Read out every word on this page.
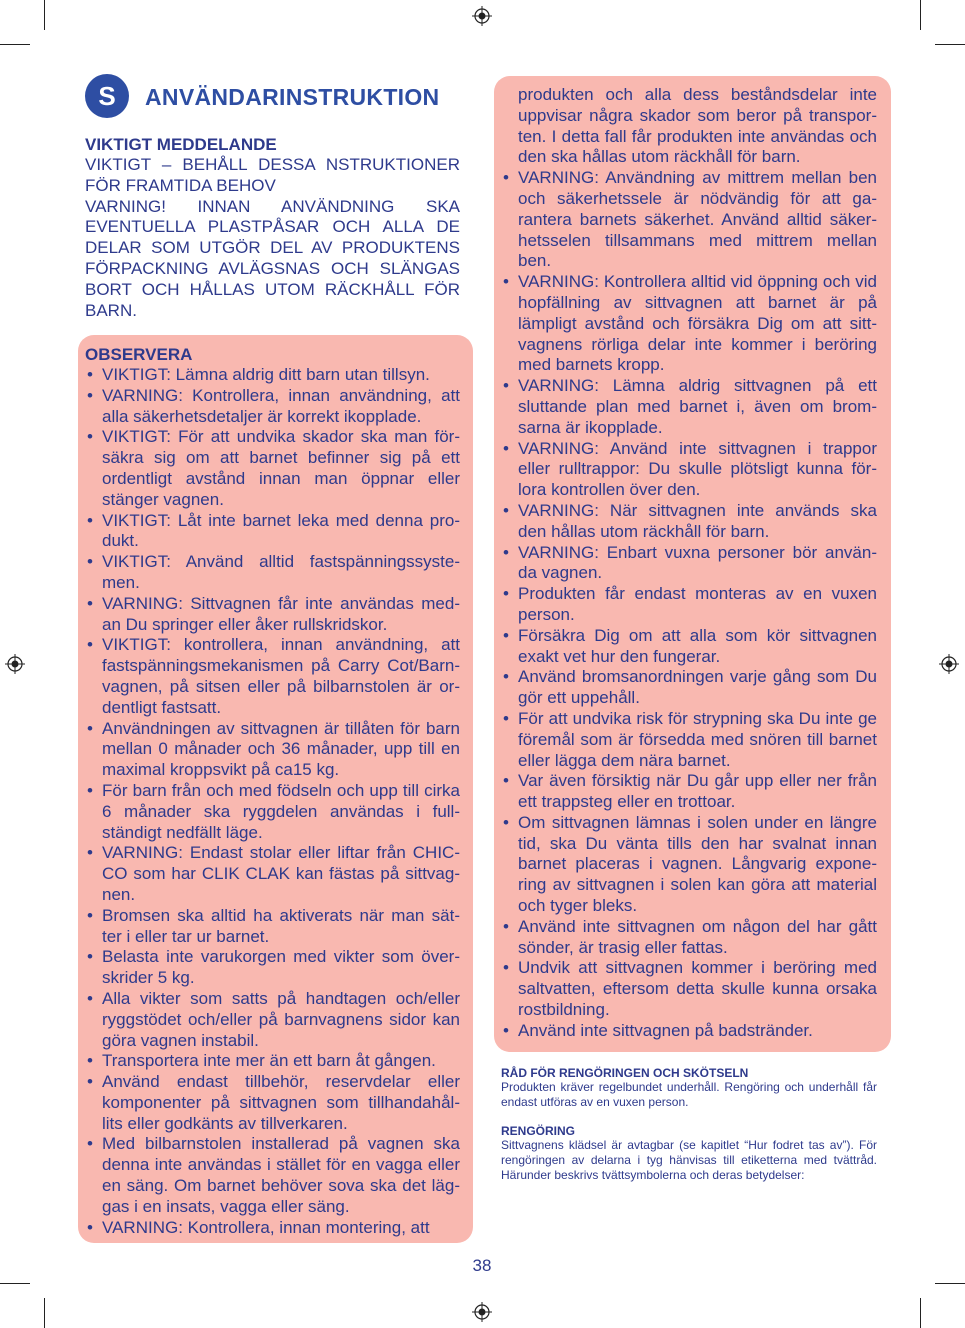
S	ANVÄNDARINSTRUKTION
VIKTIGT MEDDELANDE

VIKTIGT – BEHÅLL DESSA NSTRUKTIONER FÖR FRAMTIDA BEHOV

VARNING! INNAN ANVÄNDNING SKA EVENTUELLA PLASTPÅSAR OCH ALLA DE DELAR SOM UTGÖR DEL AV PRODUKTENS FÖRPACKNING AVLÄGSNAS OCH SLÄNGAS BORT OCH HÅLLAS UTOM RÄCKHÅLL FÖR BARN.

OBSERVERA
• VIKTIGT: Lämna aldrig ditt barn utan tillsyn.
• VARNING: Kontrollera, innan användning, att alla säkerhetsdetaljer är korrekt ikopplade.
• VIKTIGT: För att undvika skador ska man för-säkra sig om att barnet befinner sig på ett ordentligt avstånd innan man öppnar eller stänger vagnen.
• VIKTIGT: Låt inte barnet leka med denna pro-dukt.
• VIKTIGT: Använd alltid fastspänningssyste-men.
• VARNING: Sittvagnen får inte användas med-an Du springer eller åker rullskridskor.
• VIKTIGT: kontrollera, innan användning, att fastspänningsmekanismen på Carry Cot/Barn-vagnen, på sitsen eller på bilbarnstolen är or-dentligt fastsatt.
• Användningen av sittvagnen är tillåten för barn mellan 0 månader och 36 månader, upp till en maximal kroppsvikt på ca15 kg.
• För barn från och med födseln och upp till cirka 6 månader ska ryggdelen användas i full-ständigt nedfällt läge.
• VARNING: Endast stolar eller liftar från CHIC-CO som har CLIK CLAK kan fästas på sittvag-nen.
• Bromsen ska alltid ha aktiverats när man sät-ter i eller tar ur barnet.
• Belasta inte varukorgen med vikter som över-skrider 5 kg.
• Alla vikter som satts på handtagen och/eller ryggstödet och/eller på barnvagnens sidor kan göra vagnen instabil.
• Transportera inte mer än ett barn åt gången.
• Använd endast tillbehör, reservdelar eller komponenter på sittvagnen som tillhandahål-lits eller godkänts av tillverkaren.
• Med bilbarnstolen installerad på vagnen ska denna inte användas i stället för en vagga eller en säng. Om barnet behöver sova ska det läg-gas i en insats, vagga eller säng.
• VARNING: Kontrollera, innan montering, att

produkten och alla dess beståndsdelar inte uppvisar några skador som beror på transpor-ten. I detta fall får produkten inte användas och den ska hållas utom räckhåll för barn.

• VARNING: Användning av mittrem mellan ben och säkerhetssele är nödvändig för att ga-rantera barnets säkerhet. Använd alltid säker-hetsselen tillsammans med mittrem mellan ben.
• VARNING: Kontrollera alltid vid öppning och vid hopfällning av sittvagnen att barnet är på lämpligt avstånd och försäkra Dig om att sitt-vagnens rörliga delar inte kommer i beröring med barnets kropp.
• VARNING: Lämna aldrig sittvagnen på ett sluttande plan med barnet i, även om brom-sarna är ikopplade.
• VARNING: Använd inte sittvagnen i trappor eller rulltrappor: Du skulle plötsligt kunna för-lora kontrollen över den.
• VARNING: När sittvagnen inte används ska den hållas utom räckhåll för barn.
• VARNING: Enbart vuxna personer bör använ-da vagnen.
• Produkten får endast monteras av en vuxen person.
• Försäkra Dig om att alla som kör sittvagnen exakt vet hur den fungerar.
• Använd bromsanordningen varje gång som Du gör ett uppehåll.
• För att undvika risk för strypning ska Du inte ge föremål som är försedda med snören till barnet eller lägga dem nära barnet.
• Var även försiktig när Du går upp eller ner från ett trappsteg eller en trottoar.
• Om sittvagnen lämnas i solen under en längre tid, ska Du vänta tills den har svalnat innan barnet placeras i vagnen. Långvarig expone-ring av sittvagnen i solen kan göra att material och tyger bleks.
• Använd inte sittvagnen om någon del har gått sönder, är trasig eller fattas.
• Undvik att sittvagnen kommer i beröring med saltvatten, eftersom detta skulle kunna orsaka rostbildning.
• Använd inte sittvagnen på badstränder.
RÅD FÖR RENGÖRINGEN OCH SKÖTSELN

Produkten kräver regelbundet underhåll. Rengöring och underhåll får endast utföras av en vuxen person.

RENGÖRING

Sittvagnens klädsel är avtagbar (se kapitlet “Hur fodret tas av”). För rengöringen av delarna i tyg hänvisas till etiketterna med tvättråd. Härunder beskrivs tvättsymbolerna och deras betydelser:

38
